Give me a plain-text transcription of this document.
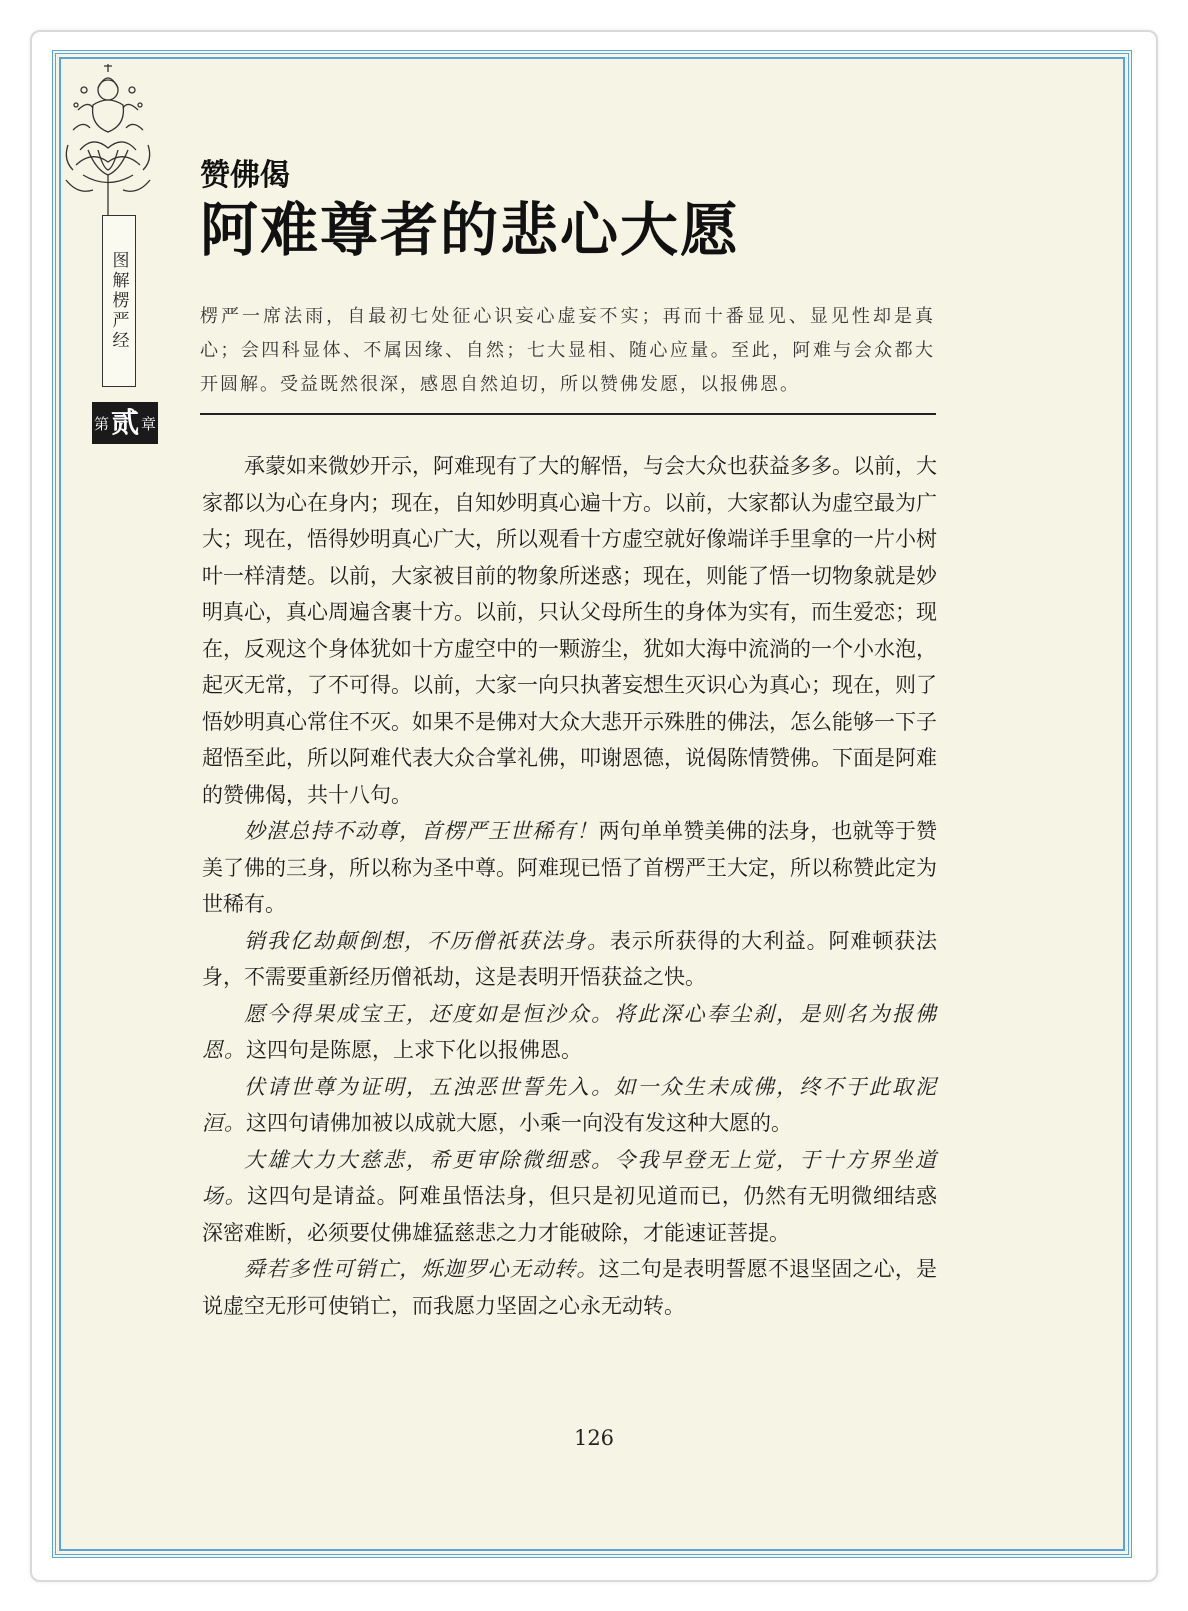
图解楞严经
第 贰 章
赞佛偈
阿难尊者的悲心大愿
楞严一席法雨，自最初七处征心识妄心虚妄不实；再而十番显见、显见性却是真心；会四科显体、不属因缘、自然；七大显相、随心应量。至此，阿难与会众都大开圆解。受益既然很深，感恩自然迫切，所以赞佛发愿，以报佛恩。

承蒙如来微妙开示，阿难现有了大的解悟，与会大众也获益多多。以前，大家都以为心在身内；现在，自知妙明真心遍十方。以前，大家都认为虚空最为广大；现在，悟得妙明真心广大，所以观看十方虚空就好像端详手里拿的一片小树叶一样清楚。以前，大家被目前的物象所迷惑；现在，则能了悟一切物象就是妙明真心，真心周遍含裹十方。以前，只认父母所生的身体为实有，而生爱恋；现在，反观这个身体犹如十方虚空中的一颗游尘，犹如大海中流淌的一个小水泡，起灭无常，了不可得。以前，大家一向只执著妄想生灭识心为真心；现在，则了悟妙明真心常住不灭。如果不是佛对大众大悲开示殊胜的佛法，怎么能够一下子超悟至此，所以阿难代表大众合掌礼佛，叩谢恩德，说偈陈情赞佛。下面是阿难的赞佛偈，共十八句。

妙湛总持不动尊，首楞严王世稀有！两句单单赞美佛的法身，也就等于赞美了佛的三身，所以称为圣中尊。阿难现已悟了首楞严王大定，所以称赞此定为世稀有。

销我亿劫颠倒想，不历僧祇获法身。表示所获得的大利益。阿难顿获法身，不需要重新经历僧祇劫，这是表明开悟获益之快。

愿今得果成宝王，还度如是恒沙众。将此深心奉尘刹，是则名为报佛恩。这四句是陈愿，上求下化以报佛恩。

伏请世尊为证明，五浊恶世誓先入。如一众生未成佛，终不于此取泥洹。这四句请佛加被以成就大愿，小乘一向没有发这种大愿的。

大雄大力大慈悲，希更审除微细惑。令我早登无上觉，于十方界坐道场。这四句是请益。阿难虽悟法身，但只是初见道而已，仍然有无明微细结惑深密难断，必须要仗佛雄猛慈悲之力才能破除，才能速证菩提。

舜若多性可销亡，烁迦罗心无动转。这二句是表明誓愿不退坚固之心，是说虚空无形可使销亡，而我愿力坚固之心永无动转。

126
